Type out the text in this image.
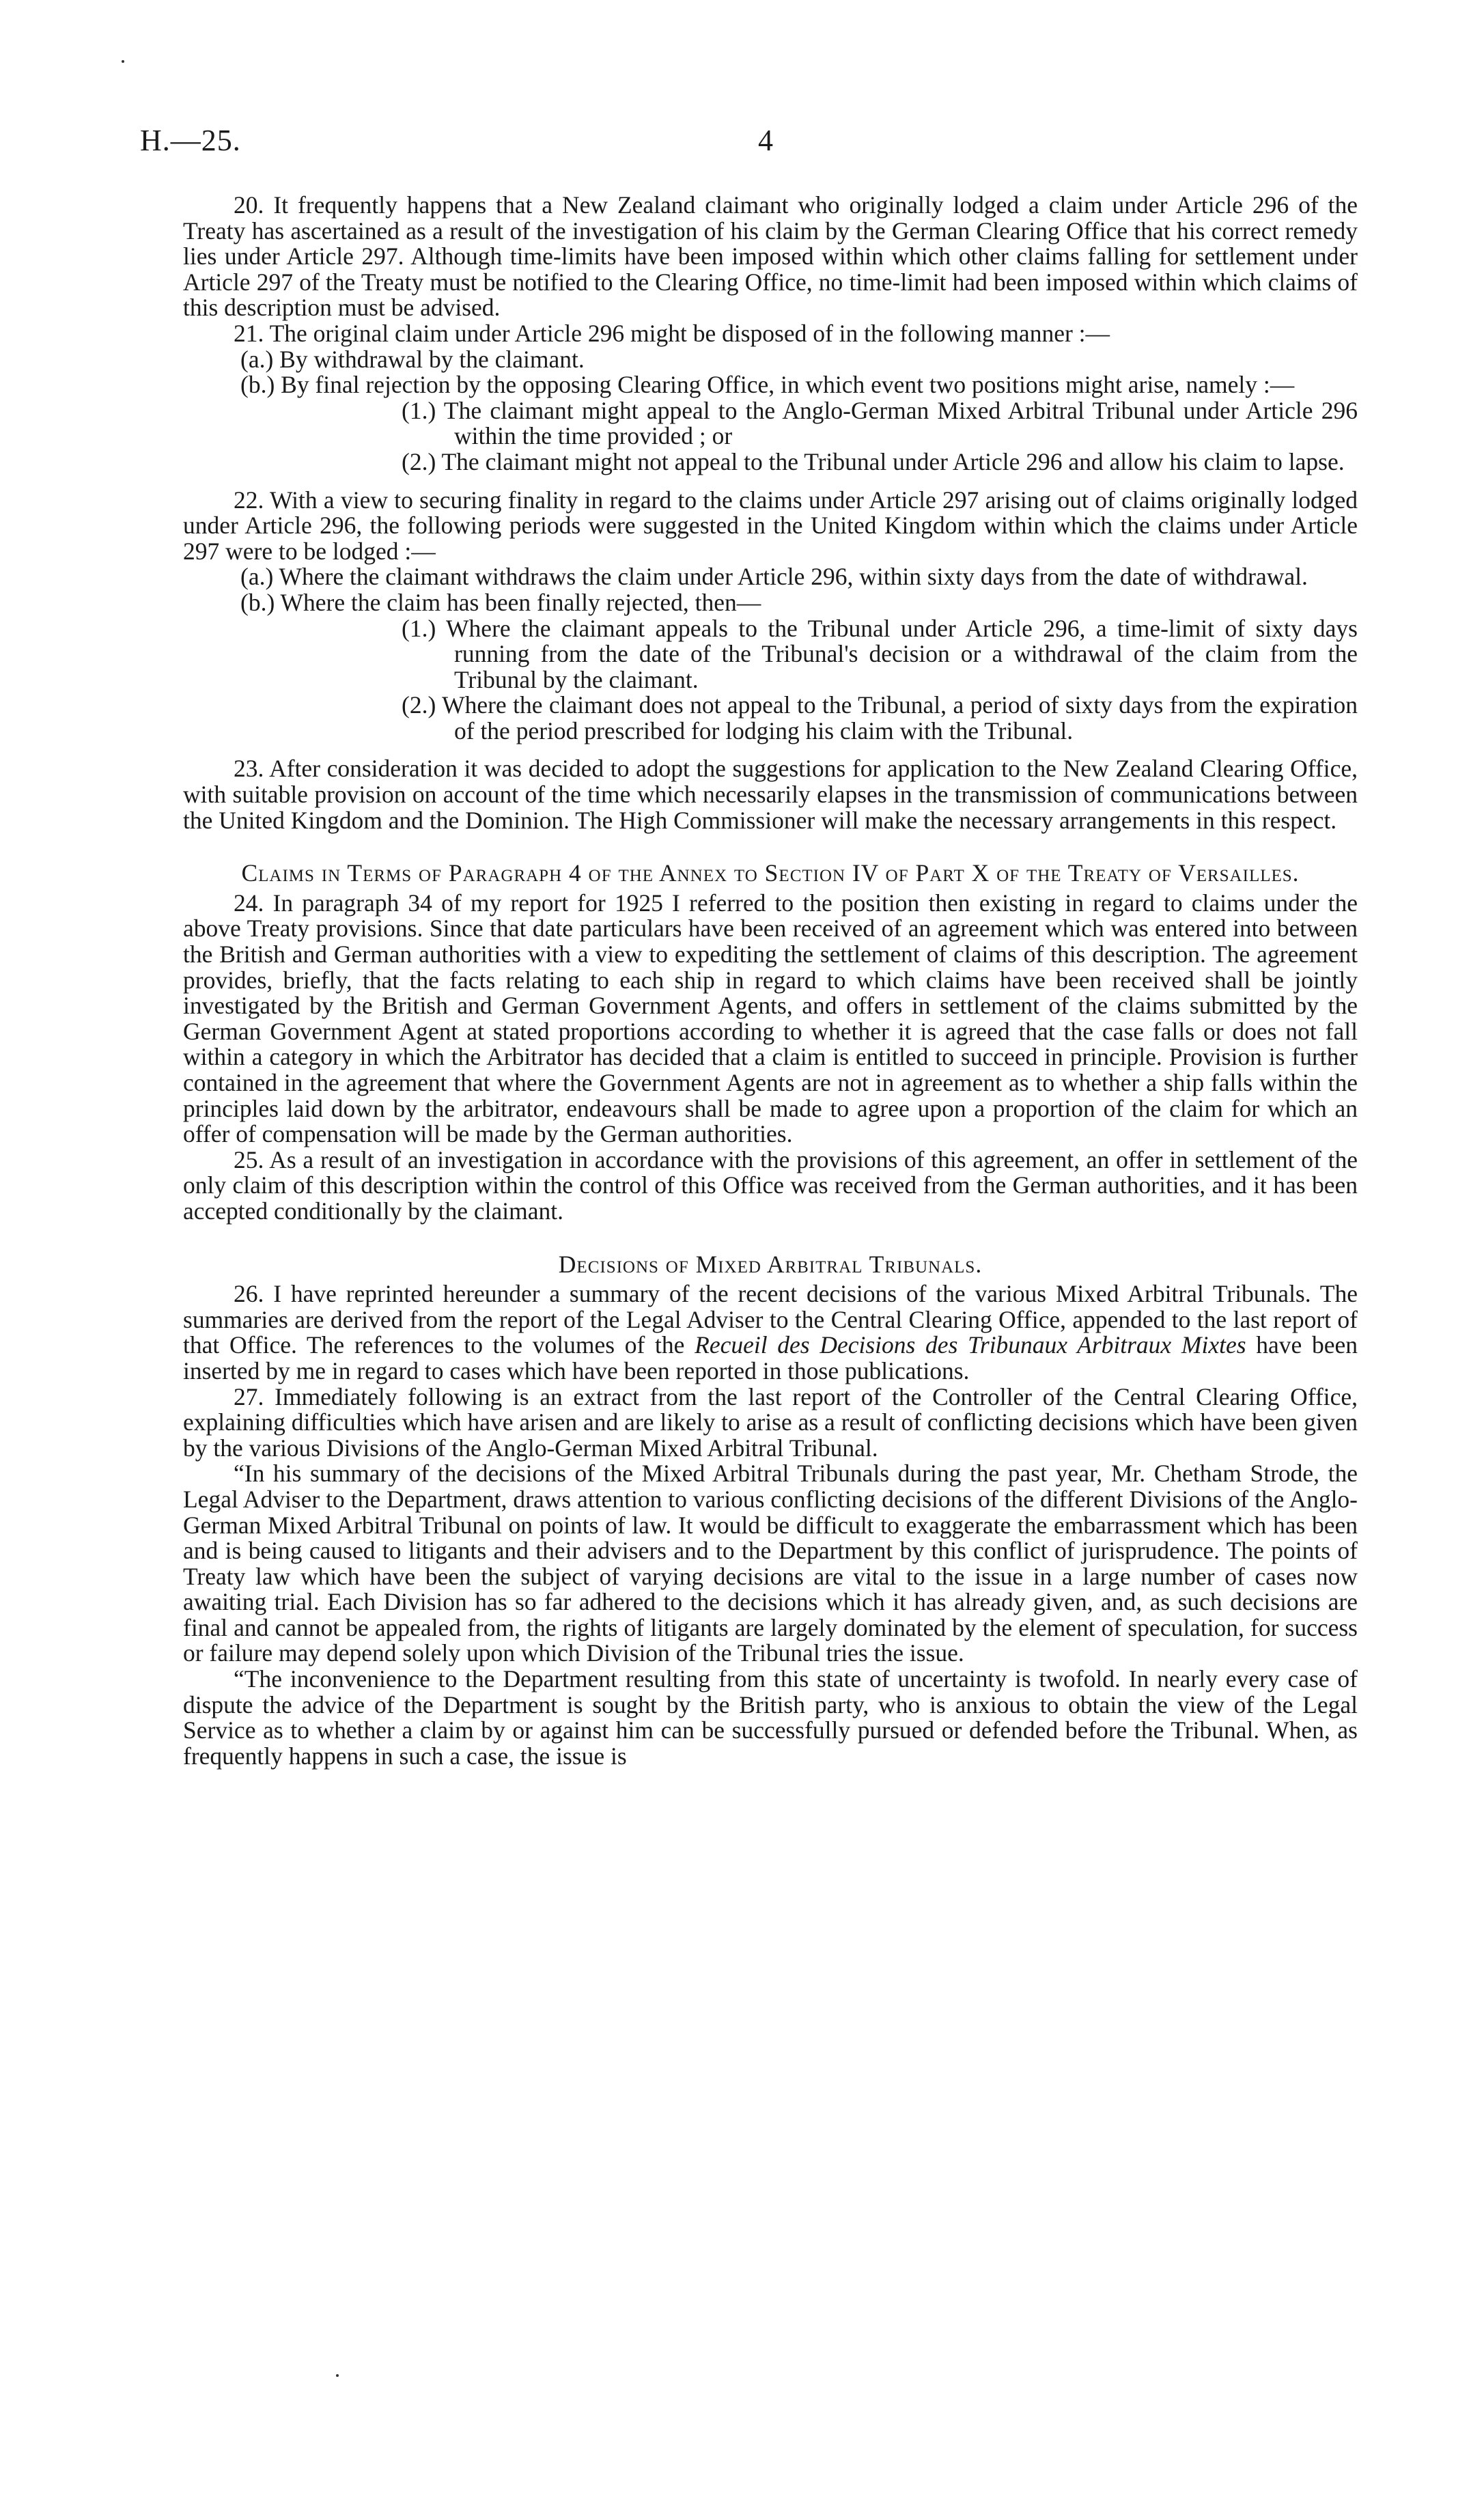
H.—25.	4

20. It frequently happens that a New Zealand claimant who originally lodged a claim under Article 296 of the Treaty has ascertained as a result of the investigation of his claim by the German Clearing Office that his correct remedy lies under Article 297. Although time-limits have been imposed within which other claims falling for settlement under Article 297 of the Treaty must be notified to the Clearing Office, no time-limit had been imposed within which claims of this description must be advised.

21. The original claim under Article 296 might be disposed of in the following manner :—

(a.) By withdrawal by the claimant.

(b.) By final rejection by the opposing Clearing Office, in which event two positions might arise, namely :—

(1.) The claimant might appeal to the Anglo-German Mixed Arbitral Tribunal under Article 296 within the time provided ; or

(2.) The claimant might not appeal to the Tribunal under Article 296 and allow his claim to lapse.

22. With a view to securing finality in regard to the claims under Article 297 arising out of claims originally lodged under Article 296, the following periods were suggested in the United Kingdom within which the claims under Article 297 were to be lodged :—

(a.) Where the claimant withdraws the claim under Article 296, within sixty days from the date of withdrawal.

(b.) Where the claim has been finally rejected, then—

(1.) Where the claimant appeals to the Tribunal under Article 296, a time-limit of sixty days running from the date of the Tribunal's decision or a withdrawal of the claim from the Tribunal by the claimant.

(2.) Where the claimant does not appeal to the Tribunal, a period of sixty days from the expiration of the period prescribed for lodging his claim with the Tribunal.

23. After consideration it was decided to adopt the suggestions for application to the New Zealand Clearing Office, with suitable provision on account of the time which necessarily elapses in the transmission of communications between the United Kingdom and the Dominion. The High Commissioner will make the necessary arrangements in this respect.

Claims in Terms of Paragraph 4 of the Annex to Section IV of Part X of the Treaty of Versailles.

24. In paragraph 34 of my report for 1925 I referred to the position then existing in regard to claims under the above Treaty provisions. Since that date particulars have been received of an agreement which was entered into between the British and German authorities with a view to expediting the settlement of claims of this description. The agreement provides, briefly, that the facts relating to each ship in regard to which claims have been received shall be jointly investigated by the British and German Government Agents, and offers in settlement of the claims submitted by the German Government Agent at stated proportions according to whether it is agreed that the case falls or does not fall within a category in which the Arbitrator has decided that a claim is entitled to succeed in principle. Provision is further contained in the agreement that where the Government Agents are not in agreement as to whether a ship falls within the principles laid down by the arbitrator, endeavours shall be made to agree upon a proportion of the claim for which an offer of compensation will be made by the German authorities.

25. As a result of an investigation in accordance with the provisions of this agreement, an offer in settlement of the only claim of this description within the control of this Office was received from the German authorities, and it has been accepted conditionally by the claimant.

Decisions of Mixed Arbitral Tribunals.

26. I have reprinted hereunder a summary of the recent decisions of the various Mixed Arbitral Tribunals. The summaries are derived from the report of the Legal Adviser to the Central Clearing Office, appended to the last report of that Office. The references to the volumes of the Recueil des Decisions des Tribunaux Arbitraux Mixtes have been inserted by me in regard to cases which have been reported in those publications.

27. Immediately following is an extract from the last report of the Controller of the Central Clearing Office, explaining difficulties which have arisen and are likely to arise as a result of conflicting decisions which have been given by the various Divisions of the Anglo-German Mixed Arbitral Tribunal.

“In his summary of the decisions of the Mixed Arbitral Tribunals during the past year, Mr. Chetham Strode, the Legal Adviser to the Department, draws attention to various conflicting decisions of the different Divisions of the Anglo-German Mixed Arbitral Tribunal on points of law. It would be difficult to exaggerate the embarrassment which has been and is being caused to litigants and their advisers and to the Department by this conflict of jurisprudence. The points of Treaty law which have been the subject of varying decisions are vital to the issue in a large number of cases now awaiting trial. Each Division has so far adhered to the decisions which it has already given, and, as such decisions are final and cannot be appealed from, the rights of litigants are largely dominated by the element of speculation, for success or failure may depend solely upon which Division of the Tribunal tries the issue.

“The inconvenience to the Department resulting from this state of uncertainty is twofold. In nearly every case of dispute the advice of the Department is sought by the British party, who is anxious to obtain the view of the Legal Service as to whether a claim by or against him can be successfully pursued or defended before the Tribunal. When, as frequently happens in such a case, the issue is
